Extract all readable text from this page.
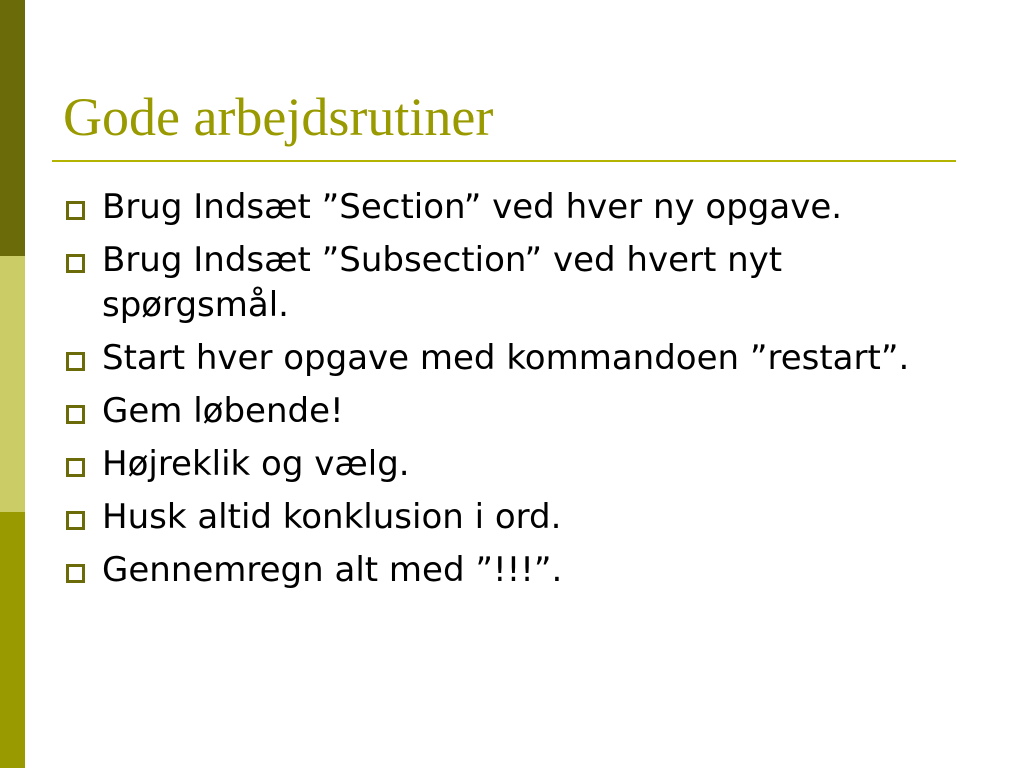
Gode arbejdsrutiner
Brug Indsæt ”Section” ved hver ny opgave.
Brug Indsæt ”Subsection” ved hvert nyt spørgsmål.
Start hver opgave med kommandoen ”restart”.
Gem løbende!
Højreklik og vælg.
Husk altid konklusion i ord.
Gennemregn alt med ”!!!”.
